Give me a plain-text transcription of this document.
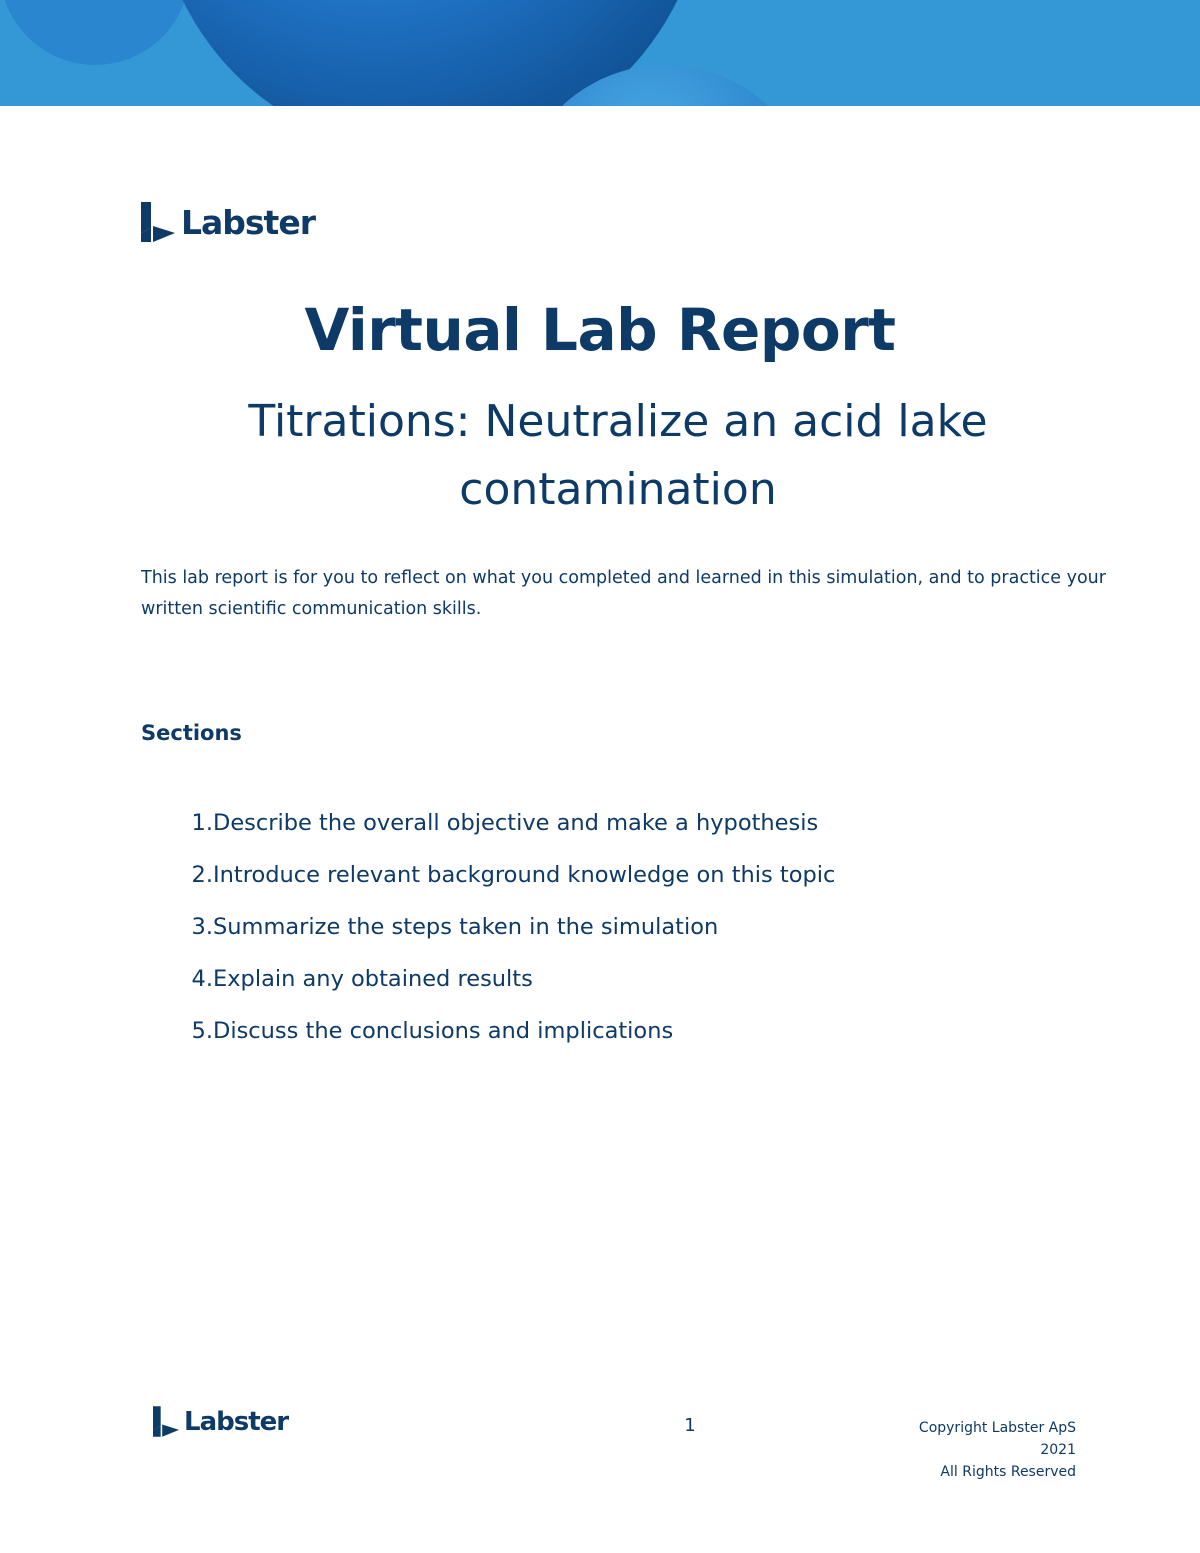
Labster
Virtual Lab Report
Titrations: Neutralize an acid lake contamination

This lab report is for you to reflect on what you completed and learned in this simulation, and to practice your written scientific communication skills.

Sections
1. Describe the overall objective and make a hypothesis
2. Introduce relevant background knowledge on this topic
3. Summarize the steps taken in the simulation
4. Explain any obtained results
5. Discuss the conclusions and implications
Labster	1	Copyright Labster ApS
2021
All Rights Reserved
